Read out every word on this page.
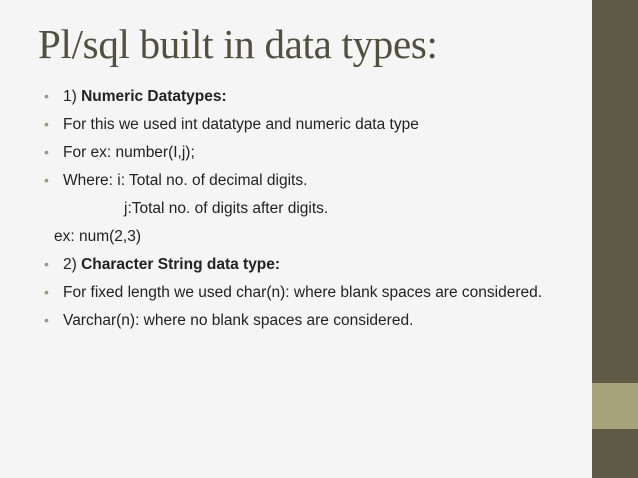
Pl/sql built in data types:

• 1) Numeric Datatypes:

• For this we used int datatype and numeric data type

• For ex: number(I,j);

• Where: i: Total no. of decimal digits.

j:Total no. of digits after digits.

ex: num(2,3)

• 2) Character String data type:

• For fixed length we used char(n): where blank spaces are considered.

• Varchar(n): where no blank spaces are considered.
